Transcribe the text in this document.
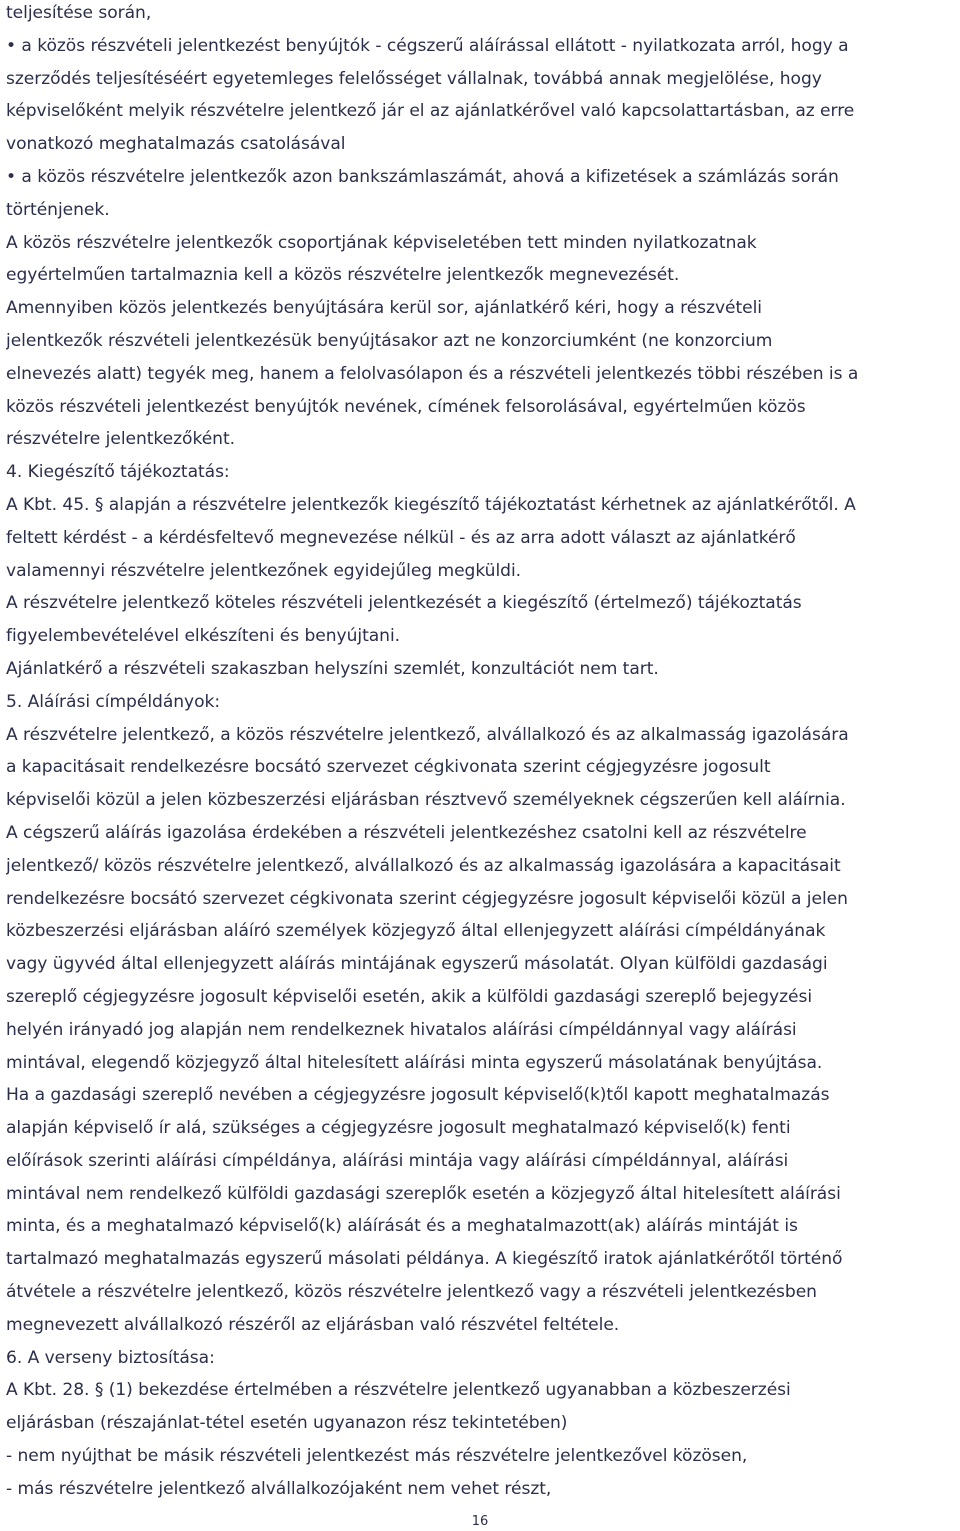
teljesítése során,
• a közös részvételi jelentkezést benyújtók - cégszerű aláírással ellátott - nyilatkozata arról, hogy a
szerződés teljesítéséért egyetemleges felelősséget vállalnak, továbbá annak megjelölése, hogy
képviselőként melyik részvételre jelentkező jár el az ajánlatkérővel való kapcsolattartásban, az erre
vonatkozó meghatalmazás csatolásával
• a közös részvételre jelentkezők azon bankszámlaszámát, ahová a kifizetések a számlázás során
történjenek.
A közös részvételre jelentkezők csoportjának képviseletében tett minden nyilatkozatnak
egyértelműen tartalmaznia kell a közös részvételre jelentkezők megnevezését.
Amennyiben közös jelentkezés benyújtására kerül sor, ajánlatkérő kéri, hogy a részvételi
jelentkezők részvételi jelentkezésük benyújtásakor azt ne konzorciumként (ne konzorcium
elnevezés alatt) tegyék meg, hanem a felolvasólapon és a részvételi jelentkezés többi részében is a
közös részvételi jelentkezést benyújtók nevének, címének felsorolásával, egyértelműen közös
részvételre jelentkezőként.
4. Kiegészítő tájékoztatás:
A Kbt. 45. § alapján a részvételre jelentkezők kiegészítő tájékoztatást kérhetnek az ajánlatkérőtől. A
feltett kérdést - a kérdésfeltevő megnevezése nélkül - és az arra adott választ az ajánlatkérő
valamennyi részvételre jelentkezőnek egyidejűleg megküldi.
A részvételre jelentkező köteles részvételi jelentkezését a kiegészítő (értelmező) tájékoztatás
figyelembevételével elkészíteni és benyújtani.
Ajánlatkérő a részvételi szakaszban helyszíni szemlét, konzultációt nem tart.
5. Aláírási címpéldányok:
A részvételre jelentkező, a közös részvételre jelentkező, alvállalkozó és az alkalmasság igazolására
a kapacitásait rendelkezésre bocsátó szervezet cégkivonata szerint cégjegyzésre jogosult
képviselői közül a jelen közbeszerzési eljárásban résztvevő személyeknek cégszerűen kell aláírnia.
A cégszerű aláírás igazolása érdekében a részvételi jelentkezéshez csatolni kell az részvételre
jelentkező/ közös részvételre jelentkező, alvállalkozó és az alkalmasság igazolására a kapacitásait
rendelkezésre bocsátó szervezet cégkivonata szerint cégjegyzésre jogosult képviselői közül a jelen
közbeszerzési eljárásban aláíró személyek közjegyző által ellenjegyzett aláírási címpéldányának
vagy ügyvéd által ellenjegyzett aláírás mintájának egyszerű másolatát. Olyan külföldi gazdasági
szereplő cégjegyzésre jogosult képviselői esetén, akik a külföldi gazdasági szereplő bejegyzési
helyén irányadó jog alapján nem rendelkeznek hivatalos aláírási címpéldánnyal vagy aláírási
mintával, elegendő közjegyző által hitelesített aláírási minta egyszerű másolatának benyújtása.
Ha a gazdasági szereplő nevében a cégjegyzésre jogosult képviselő(k)től kapott meghatalmazás
alapján képviselő ír alá, szükséges a cégjegyzésre jogosult meghatalmazó képviselő(k) fenti
előírások szerinti aláírási címpéldánya, aláírási mintája vagy aláírási címpéldánnyal, aláírási
mintával nem rendelkező külföldi gazdasági szereplők esetén a közjegyző által hitelesített aláírási
minta, és a meghatalmazó képviselő(k) aláírását és a meghatalmazott(ak) aláírás mintáját is
tartalmazó meghatalmazás egyszerű másolati példánya. A kiegészítő iratok ajánlatkérőtől történő
átvétele a részvételre jelentkező, közös részvételre jelentkező vagy a részvételi jelentkezésben
megnevezett alvállalkozó részéről az eljárásban való részvétel feltétele.
6. A verseny biztosítása:
A Kbt. 28. § (1) bekezdése értelmében a részvételre jelentkező ugyanabban a közbeszerzési
eljárásban (részajánlat-tétel esetén ugyanazon rész tekintetében)
- nem nyújthat be másik részvételi jelentkezést más részvételre jelentkezővel közösen,
- más részvételre jelentkező alvállalkozójaként nem vehet részt,
16
